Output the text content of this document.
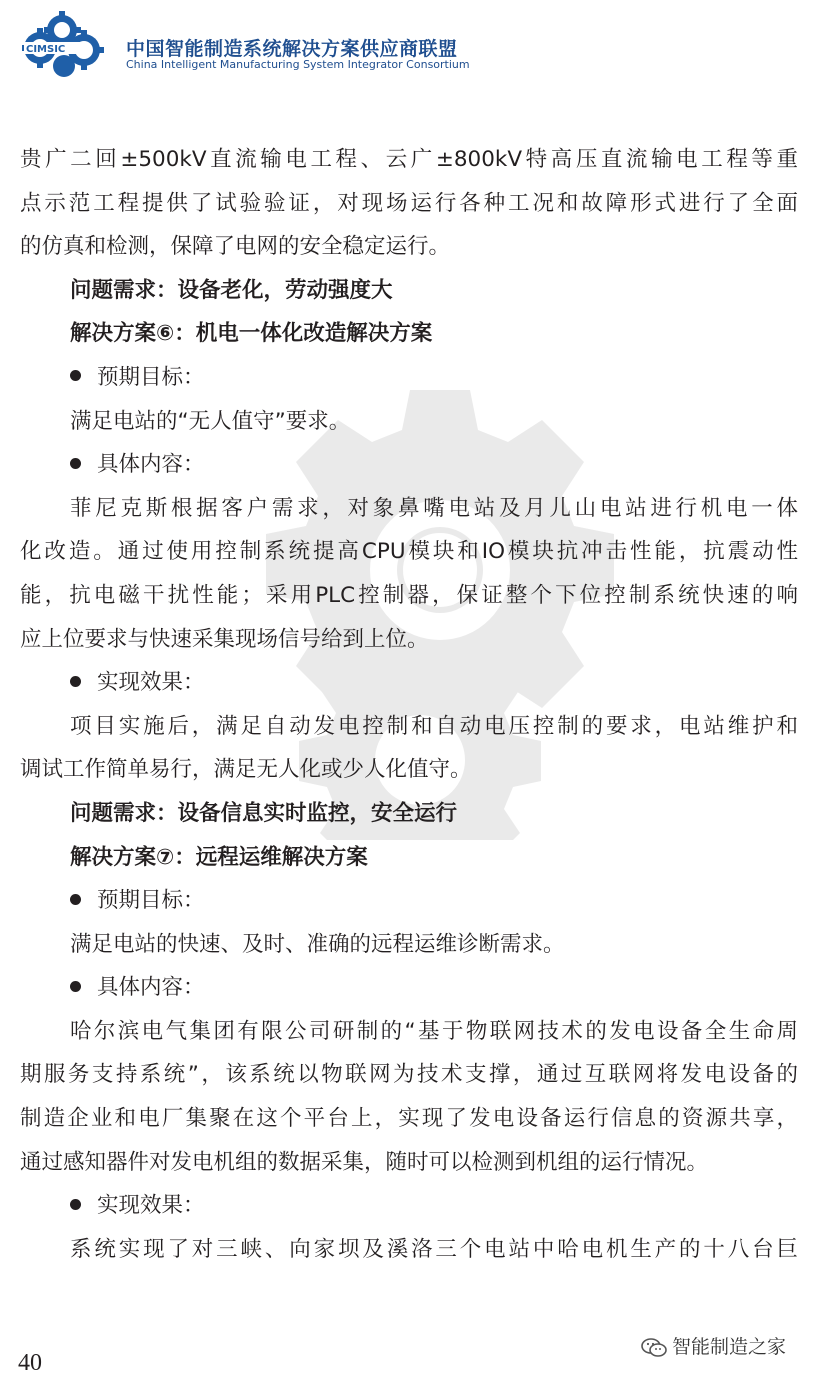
CIMSIC	中国智能制造系统解决方案供应商联盟
China Intelligent Manufacturing System Integrator Consortium
CIMSIC
贵广二回±500kV直流输电工程、云广±800kV特高压直流输电工程等重
点示范工程提供了试验验证，对现场运行各种工况和故障形式进行了全面
的仿真和检测，保障了电网的安全稳定运行。
问题需求：设备老化，劳动强度大
解决方案⑥：机电一体化改造解决方案
预期目标：
满足电站的“无人值守”要求。
具体内容：
菲尼克斯根据客户需求，对象鼻嘴电站及月儿山电站进行机电一体
化改造。通过使用控制系统提高CPU模块和IO模块抗冲击性能，抗震动性
能，抗电磁干扰性能；采用PLC控制器，保证整个下位控制系统快速的响
应上位要求与快速采集现场信号给到上位。
实现效果：
项目实施后，满足自动发电控制和自动电压控制的要求，电站维护和
调试工作简单易行，满足无人化或少人化值守。
问题需求：设备信息实时监控，安全运行
解决方案⑦：远程运维解决方案
预期目标：
满足电站的快速、及时、准确的远程运维诊断需求。
具体内容：
哈尔滨电气集团有限公司研制的“基于物联网技术的发电设备全生命周
期服务支持系统”，该系统以物联网为技术支撑，通过互联网将发电设备的
制造企业和电厂集聚在这个平台上，实现了发电设备运行信息的资源共享，
通过感知器件对发电机组的数据采集，随时可以检测到机组的运行情况。
实现效果：
系统实现了对三峡、向家坝及溪洛三个电站中哈电机生产的十八台巨
40
智能制造之家
